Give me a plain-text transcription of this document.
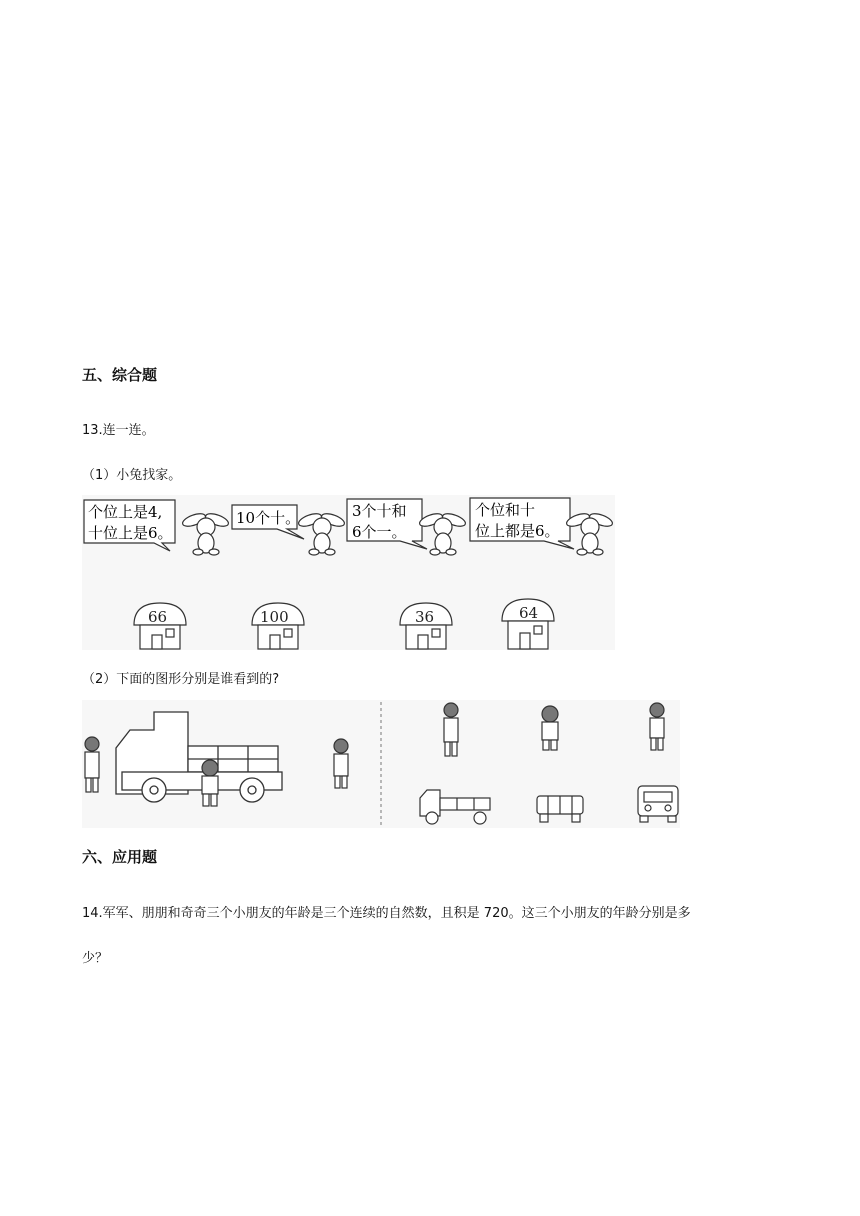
五、综合题
13.连一连。
（1）小兔找家。
个位上是4,
十位上是6。
10个十。	3个十和
6个一。
个位和十
位上都是6。
66	100	36	64
（2）下面的图形分别是谁看到的?
六、应用题
14.军军、朋朋和奇奇三个小朋友的年龄是三个连续的自然数，且积是 720。这三个小朋友的年龄分别是多
少？
